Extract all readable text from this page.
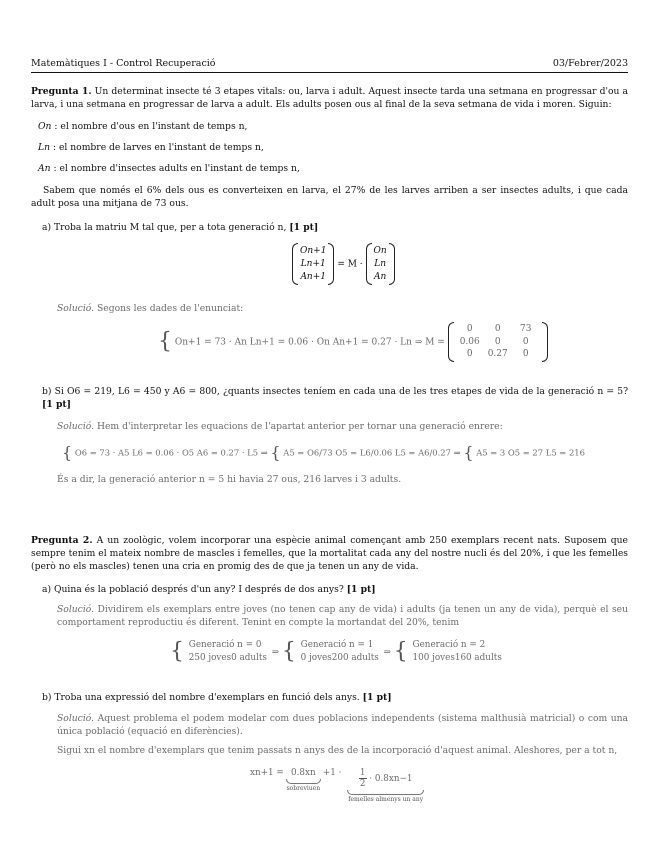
Matemàtiques I - Control Recuperació	03/Febrer/2023
Pregunta 1. Un determinat insecte té 3 etapes vitals: ou, larva i adult. Aquest insecte tarda una setmana en progressar d'ou a larva, i una setmana en progressar de larva a adult. Els adults posen ous al final de la seva setmana de vida i moren. Siguin:
On : el nombre d'ous en l'instant de temps n,
Ln : el nombre de larves en l'instant de temps n,
An : el nombre d'insectes adults en l'instant de temps n,
Sabem que només el 6% dels ous es converteixen en larva, el 27% de les larves arriben a ser insectes adults, i que cada adult posa una mitjana de 73 ous.
a) Troba la matriu M tal que, per a tota generació n, [1 pt]
On+1
Ln+1
An+1
= M ·
On
Ln
An
Solució. Segons les dades de l'enunciat:
{ On+1 = 73 · An Ln+1 = 0.06 · On An+1 = 0.27 · Ln ⇒ M =
0	0	73
0.06	0	0
0	0.27	0
b) Si O6 = 219, L6 = 450 y A6 = 800, ¿quants insectes teníem en cada una de les tres etapes de vida de la generació n = 5? [1 pt]
Solució. Hem d'interpretar les equacions de l'apartat anterior per tornar una generació enrere:
{ O6 = 73 · A5 L6 = 0.06 · O5 A6 = 0.27 · L5 ⇒ { A5 = O6/73 O5 = L6/0.06 L5 = A6/0.27 ⇒ { A5 = 3 O5 = 27 L5 = 216
És a dir, la generació anterior n = 5 hi havia 27 ous, 216 larves i 3 adults.
Pregunta 2. A un zoològic, volem incorporar una espècie animal començant amb 250 exemplars recent nats. Suposem que sempre tenim el mateix nombre de mascles i femelles, que la mortalitat cada any del nostre nucli és del 20%, i que les femelles (però no els mascles) tenen una cria en promig des de que ja tenen un any de vida.
a) Quina és la població després d'un any? I després de dos anys? [1 pt]
Solució. Dividirem els exemplars entre joves (no tenen cap any de vida) i adults (ja tenen un any de vida), perquè el seu comportament reproductiu és diferent. Tenint en compte la mortandat del 20%, tenim
{ Generació n = 0
250 joves0 adults
⇒ { Generació n = 1
0 joves200 adults
⇒ { Generació n = 2
100 joves160 adults
b) Troba una expressió del nombre d'exemplars en funció dels anys. [1 pt]
Solució. Aquest problema el podem modelar com dues poblacions independents (sistema malthusià matricial) o com una única població (equació en diferències).
Sigui xn el nombre d'exemplars que tenim passats n anys des de la incorporació d'aquest animal. Aleshores, per a tot n,
xn+1 = 0.8xn
sobreviuen
$+1 \cdot \frac{1}{2} \cdot 0.8xn-1$
femelles almenys un any
